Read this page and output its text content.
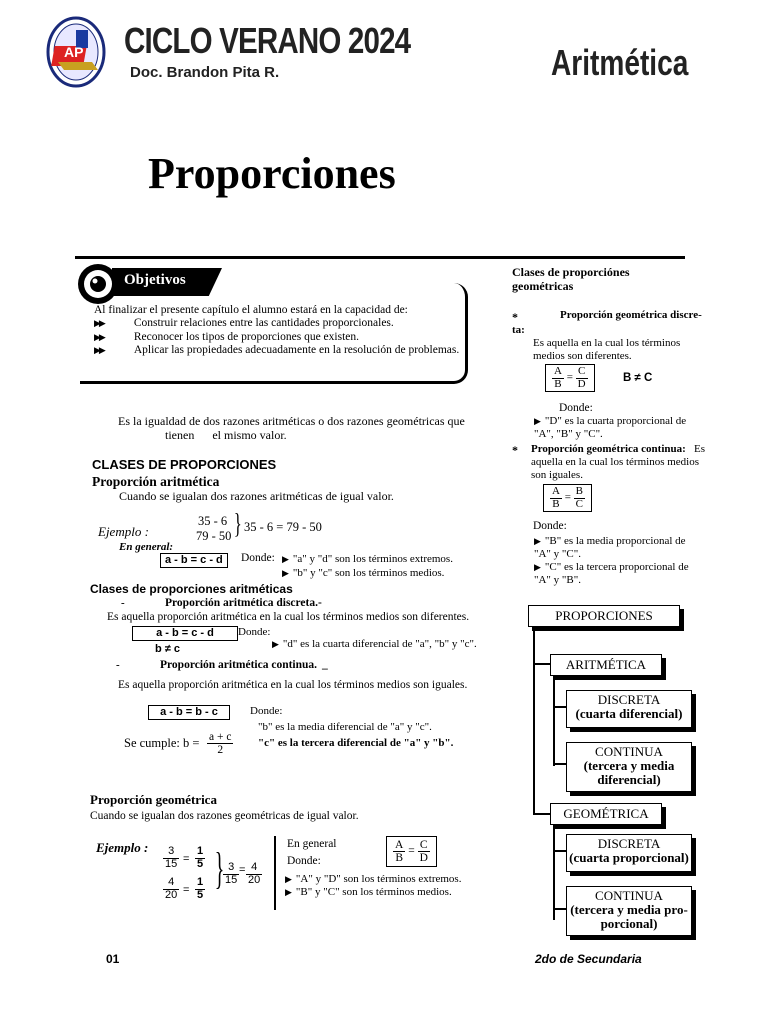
AP CICLO VERANO 2024
Doc. Brandon Pita R.	Aritmética
Proporciones
Objetivos
Al finalizar el presente capítulo el alumno estará en la capacidad de:
▶▶	Construir relaciones entre las cantidades proporcionales.
▶▶	Reconocer los tipos de proporciones que existen.
▶▶	Aplicar las propiedades adecuadamente en la resolución de problemas.
Es la igualdad de dos razones aritméticas o dos razones geométricas que
tienen      el mismo valor.
CLASES DE PROPORCIONES
Proporción aritmética
Cuando se igualan dos razones aritméticas de igual valor.
Ejemplo :
35 - 6
79 - 50 } 35 - 6 = 79 - 50
En general:
a - b = c - d	Donde: ▶ "a" y "d" son los términos extremos.
▶ "b" y "c" son los términos medios.
Clases de proporciones aritméticas
-	Proporción aritmética discreta.-
Es aquella proporción aritmética en la cual los términos medios son diferentes.
a - b = c - d	Donde:
b ≠ c	▶ "d" es la cuarta diferencial de "a", "b" y "c".
-	Proporción aritmética continua. _
Es aquella proporción aritmética en la cual los términos medios son iguales.
a - b = b - c	Donde:
"b" es la media diferencial de "a" y "c".
"c" es la tercera diferencial de "a" y "b".
Se cumple: $b = \frac{a + c}{2}$
Proporción geométrica
Cuando se igualan dos razones geométricas de igual valor.
Ejemplo : $\frac{3}{15} = \frac{1}{5}$
$\frac{4}{20} = \frac{1}{5}$ }
$\frac{3}{15} = \frac{4}{20}$
En general
Donde:	$\frac{A}{B} = \frac{C}{D}$
▶ "A" y "D" son los términos extremos.
▶ "B" y "C" son los términos medios.
Clases de proporciónes geométricas
*	Proporción geométrica discre-
ta:
Es aquella en la cual los términos medios son diferentes.
$\frac{A}{B} = \frac{C}{D}$	B ≠ C
Donde:
▶ "D" es la cuarta proporcional de "A", "B" y "C".
* Proporción geométrica continua: Es aquella en la cual los términos medios son iguales.
$\frac{A}{B} = \frac{B}{C}$
Donde:
▶ "B" es la media proporcional de "A" y "C".
▶ "C" es la tercera proporcional de "A" y "B".
PROPORCIONES
ARITMÉTICA
DISCRETA
(cuarta diferencial)
CONTINUA
(tercera y media
diferencial)
GEOMÉTRICA
DISCRETA
(cuarta proporcional)
CONTINUA
(tercera y media pro-
porcional)
01	2do de Secundaria
